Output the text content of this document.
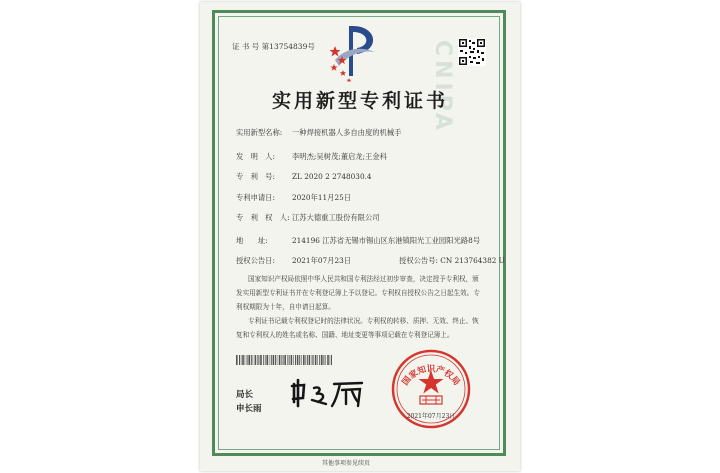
CNIPA
证 书 号 第13754839号
实用新型专利证书
实用新型名称: 一种焊接机器人多自由度的机械手
发　明　人: 李明杰;吴树茂;董启龙;王金科
专　利　号: ZL 2020 2 2748030.4
专利申请日: 2020年11月25日
专　利　权　人: 江苏大德重工股份有限公司
地　　址:	214196 江苏省无锡市锡山区东港镇阳光工业园阳光路8号
授权公告日: 2021年07月23日	授权公告号: CN 213764382 U

国家知识产权局依照中华人民共和国专利法经过初步审查，决定授予专利权，颁发实用新型专利证书并在专利登记簿上予以登记。专利权自授权公告之日起生效。专利权期限为十年，自申请日起算。

专利证书记载专利权登记时的法律状况。专利权的转移、质押、无效、终止、恢复和专利权人的姓名或名称、国籍、地址变更等事项记载在专利登记簿上。

局长
申长雨
国家知识产权局
2021年07月23日
其他事项参见续页
